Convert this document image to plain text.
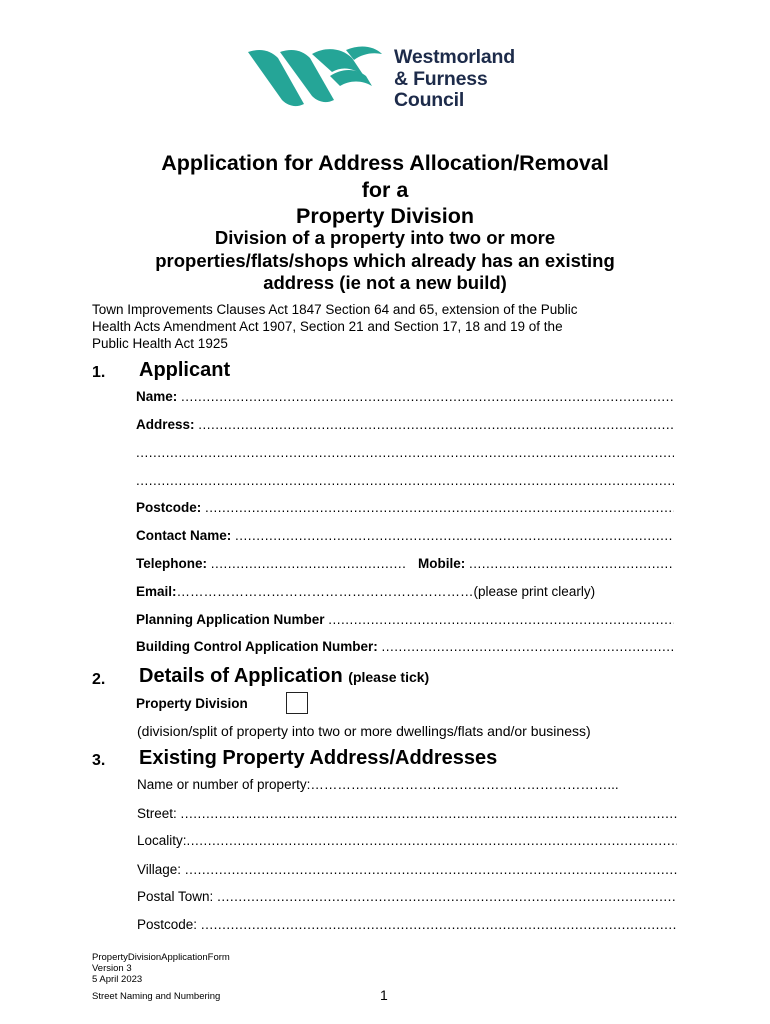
Westmorland
& Furness
Council
Application for Address Allocation/Removal
for a
Property Division
Division of a property into two or more
properties/flats/shops which already has an existing
address (ie not a new build)
Town Improvements Clauses Act 1847 Section 64 and 65, extension of the Public
Health Acts Amendment Act 1907, Section 21 and Section 17, 18 and 19 of the
Public Health Act 1925
1. Applicant
Name:

.....
Address:

.....
.....
.....
Postcode:

.....
Contact Name:

.....
Telephone:

.....	Mobile:

.....
Email: ………………………………………………………… (please print clearly)
Planning Application Number

.....
Building Control Application Number:

.....
2. Details of Application (please tick)
Property Division
(division/split of property into two or more dwellings/flats and/or business)
3. Existing Property Address/Addresses
Name or number of property: …………………………………………………………...
Street:

.....
Locality:
.....
Village:

.....
Postal Town:

.....
Postcode:

.....
PropertyDivisionApplicationForm
Version 3
5 April 2023
Street Naming and Numbering	1
